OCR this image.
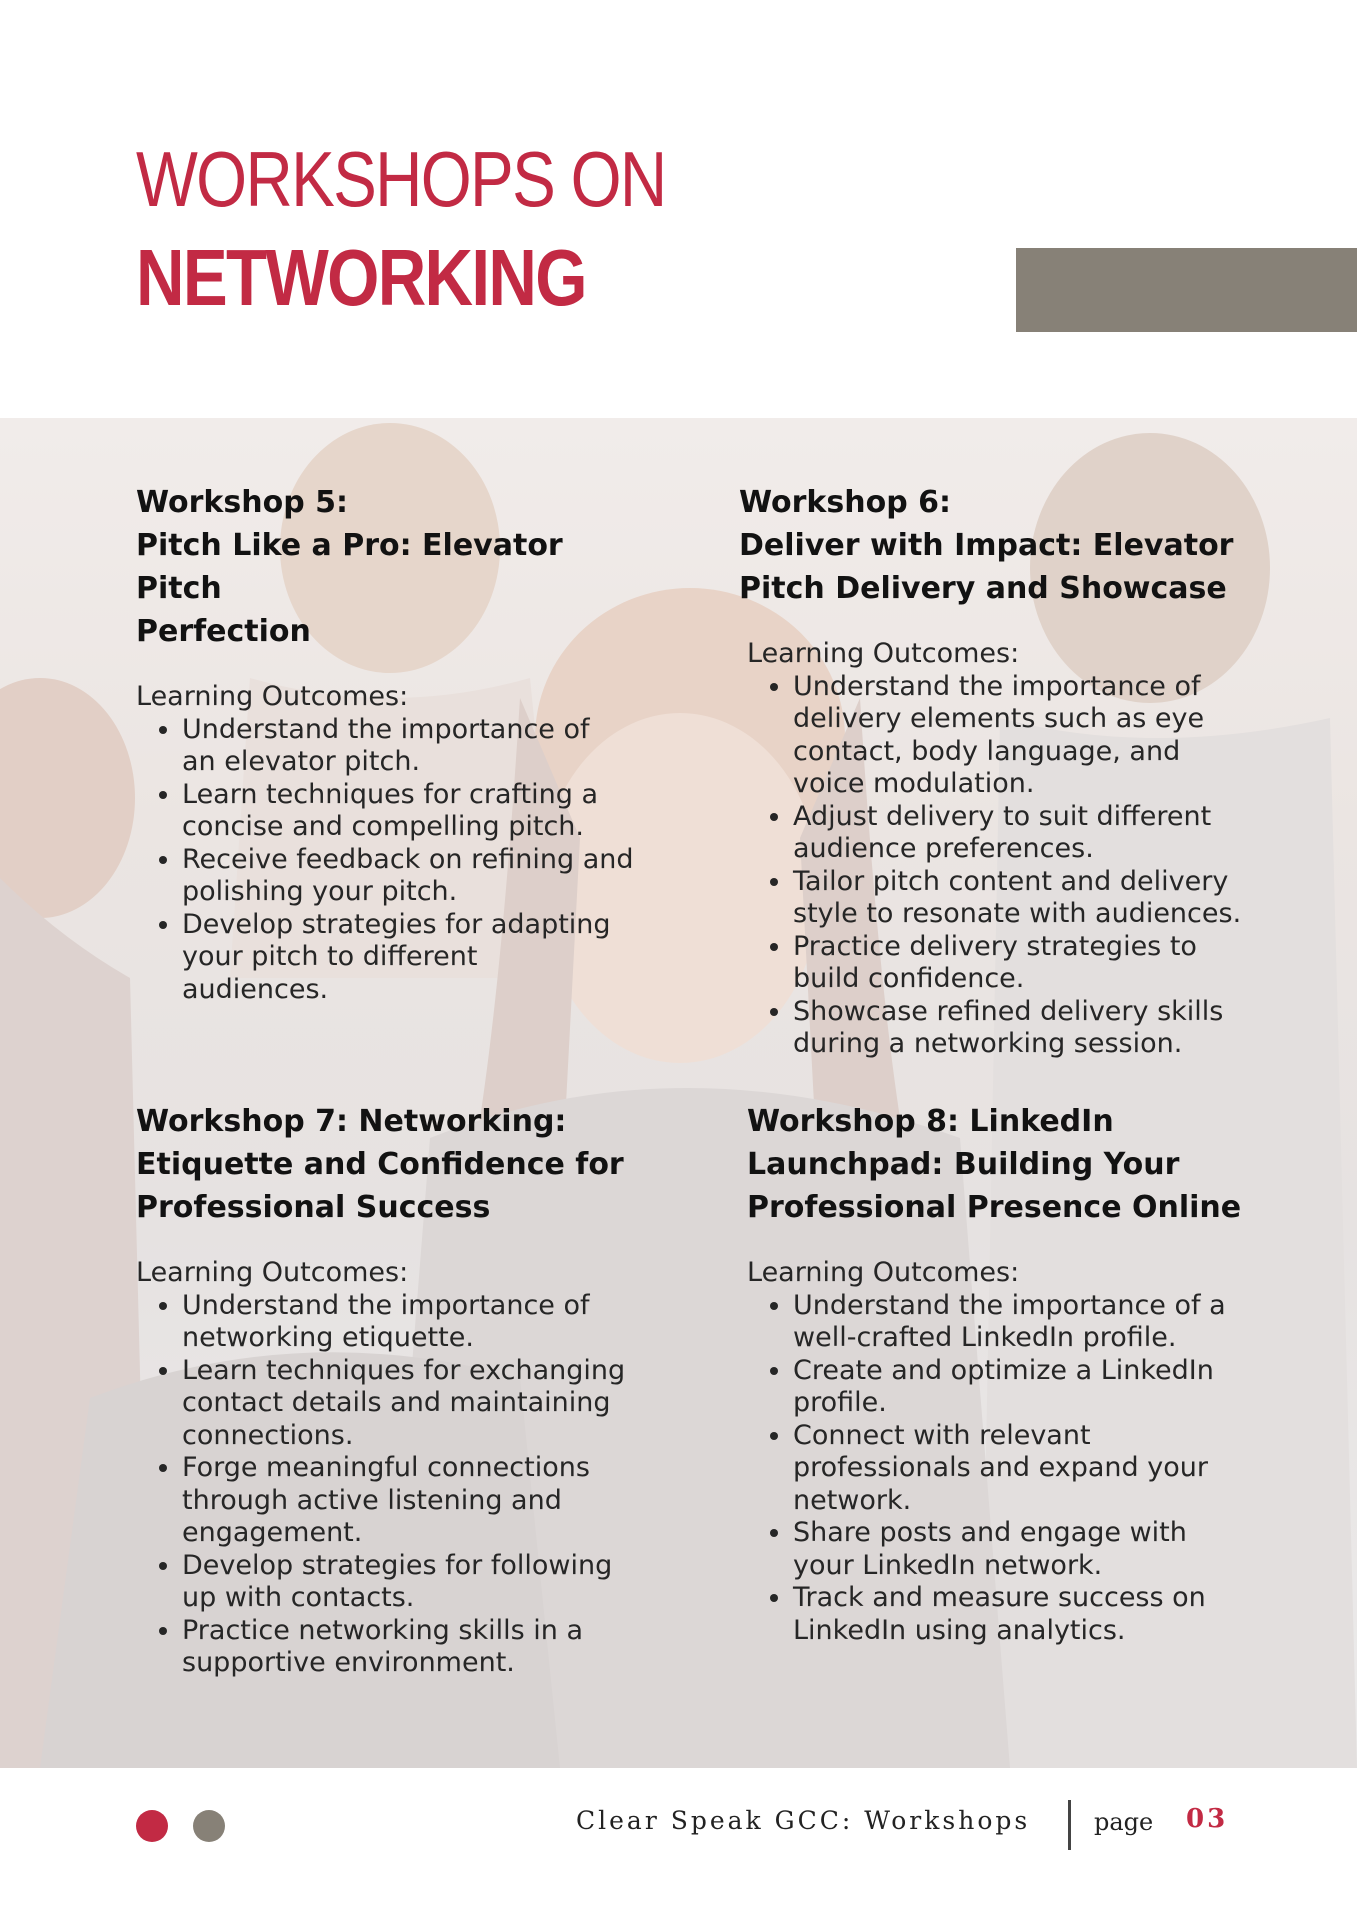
WORKSHOPS ON
NETWORKING
Workshop 5:
Pitch Like a Pro: Elevator Pitch
Perfection

Learning Outcomes:

• Understand the importance of
an elevator pitch.
• Learn techniques for crafting a
concise and compelling pitch.
• Receive feedback on refining and
polishing your pitch.
• Develop strategies for adapting
your pitch to different
audiences.
Workshop 6:
Deliver with Impact: Elevator
Pitch Delivery and Showcase

Learning Outcomes:

• Understand the importance of
delivery elements such as eye
contact, body language, and
voice modulation.
• Adjust delivery to suit different
audience preferences.
• Tailor pitch content and delivery
style to resonate with audiences.
• Practice delivery strategies to
build confidence.
• Showcase refined delivery skills
during a networking session.
Workshop 7: Networking:
Etiquette and Confidence for
Professional Success

Learning Outcomes:

• Understand the importance of
networking etiquette.
• Learn techniques for exchanging
contact details and maintaining
connections.
• Forge meaningful connections
through active listening and
engagement.
• Develop strategies for following
up with contacts.
• Practice networking skills in a
supportive environment.
Workshop 8: LinkedIn
Launchpad: Building Your
Professional Presence Online

Learning Outcomes:

• Understand the importance of a
well-crafted LinkedIn profile.
• Create and optimize a LinkedIn
profile.
• Connect with relevant
professionals and expand your
network.
• Share posts and engage with
your LinkedIn network.
• Track and measure success on
LinkedIn using analytics.

Clear Speak GCC: Workshops	page 03
